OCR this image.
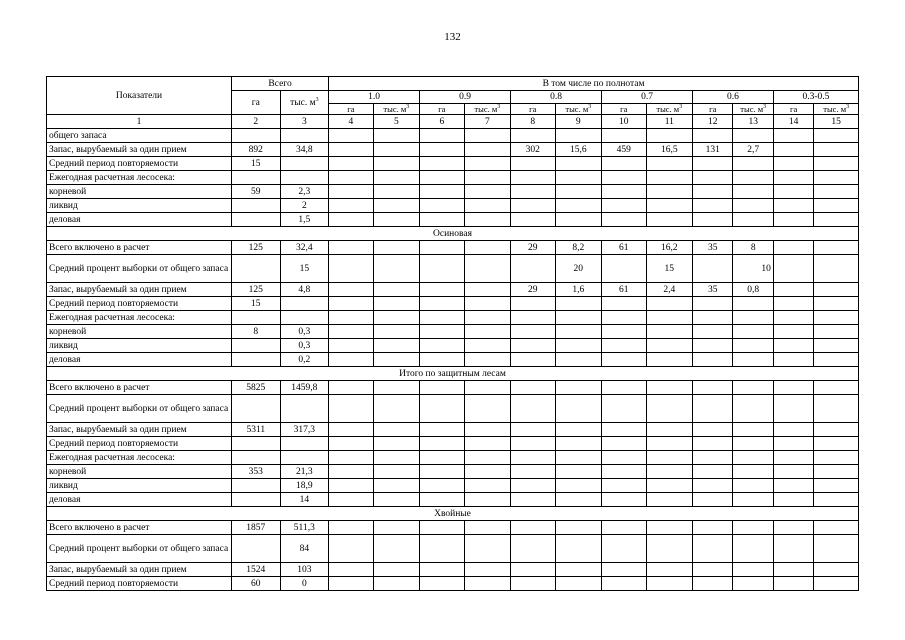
132
Показатели	Всего		В том числе по полнотам											
	га	тыс. $м^3$	1.0		0.9		0.8		0.7		0.6		0.3-0.5	
			га	тыс. $м^3$	га	тыс. $м^3$	га	тыс. $м^3$	га	тыс. $м^3$	га	тыс. $м^3$	га	тыс. $м^3$
1	2	3	4	5	6	7	8	9	10	11	12	13	14	15
общего запаса														
Запас, вырубаемый за один прием	892	34,8					302	15,6	459	16,5	131	2,7		
Средний период повторяемости	15													
Ежегодная расчетная лесосека:														
корневой	59	2,3												
ликвид		2												
деловая		1,5												
Осиновая														
Всего включено в расчет	125	32,4					29	8,2	61	16,2	35	8		
Средний процент выборки от общего запаса		15						20		15		10		
Запас, вырубаемый за один прием	125	4,8					29	1,6	61	2,4	35	0,8		
Средний период повторяемости	15													
Ежегодная расчетная лесосека:														
корневой	8	0,3												
ликвид		0,3												
деловая		0,2												
Итого по защитным лесам														
Всего включено в расчет	5825	1459,8												
Средний процент выборки от общего запаса														
Запас, вырубаемый за один прием	5311	317,3												
Средний период повторяемости														
Ежегодная расчетная лесосека:														
корневой	353	21,3												
ликвид		18,9												
деловая		14												
Хвойные														
Всего включено в расчет	1857	511,3												
Средний процент выборки от общего запаса		84												
Запас, вырубаемый за один прием	1524	103												
Средний период повторяемости	60	0												
